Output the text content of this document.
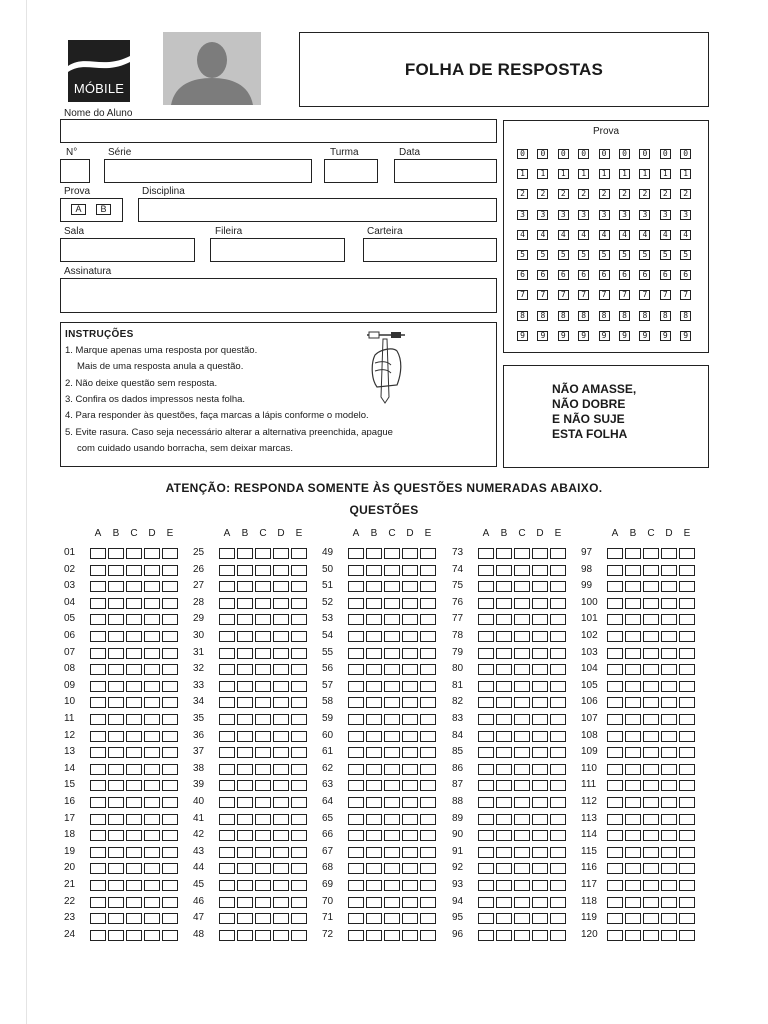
MÓBILE
FOLHA DE RESPOSTAS
Nome do Aluno
N°	Série	Turma	Data
Prova	Disciplina
A	B
Sala	Fileira	Carteira
Assinatura
Prova
0	0	0	0	0	0	0	0	0
1	1	1	1	1	1	1	1	1
2	2	2	2	2	2	2	2	2
3	3	3	3	3	3	3	3	3
4	4	4	4	4	4	4	4	4
5	5	5	5	5	5	5	5	5
6	6	6	6	6	6	6	6	6
7	7	7	7	7	7	7	7	7
8	8	8	8	8	8	8	8	8
9	9	9	9	9	9	9	9	9
NÃO AMASSE,
NÃO DOBRE
E NÃO SUJE
ESTA FOLHA
INSTRUÇÕES
1. Marque apenas uma resposta por questão.
Mais de uma resposta anula a questão.
2. Não deixe questão sem resposta.
3. Confira os dados impressos nesta folha.
4. Para responder às questões, faça marcas a lápis conforme o modelo.
5. Evite rasura. Caso seja necessário alterar a alternativa preenchida, apague
com cuidado usando borracha, sem deixar marcas.
ATENÇÃO: RESPONDA SOMENTE ÀS QUESTÕES NUMERADAS ABAIXO.
QUESTÕES
A	B	C	D	E
01
02
03
04
05
06
07
08
09
10
11
12
13
14
15
16
17
18
19
20
21
22
23
24
A	B	C	D	E
25
26
27
28
29
30
31
32
33
34
35
36
37
38
39
40
41
42
43
44
45
46
47
48
A	B	C	D	E
49
50
51
52
53
54
55
56
57
58
59
60
61
62
63
64
65
66
67
68
69
70
71
72
A	B	C	D	E
73
74
75
76
77
78
79
80
81
82
83
84
85
86
87
88
89
90
91
92
93
94
95
96
A	B	C	D	E
97
98
99
100
101
102
103
104
105
106
107
108
109
110
111
112
113
114
115
116
117
118
119
120
